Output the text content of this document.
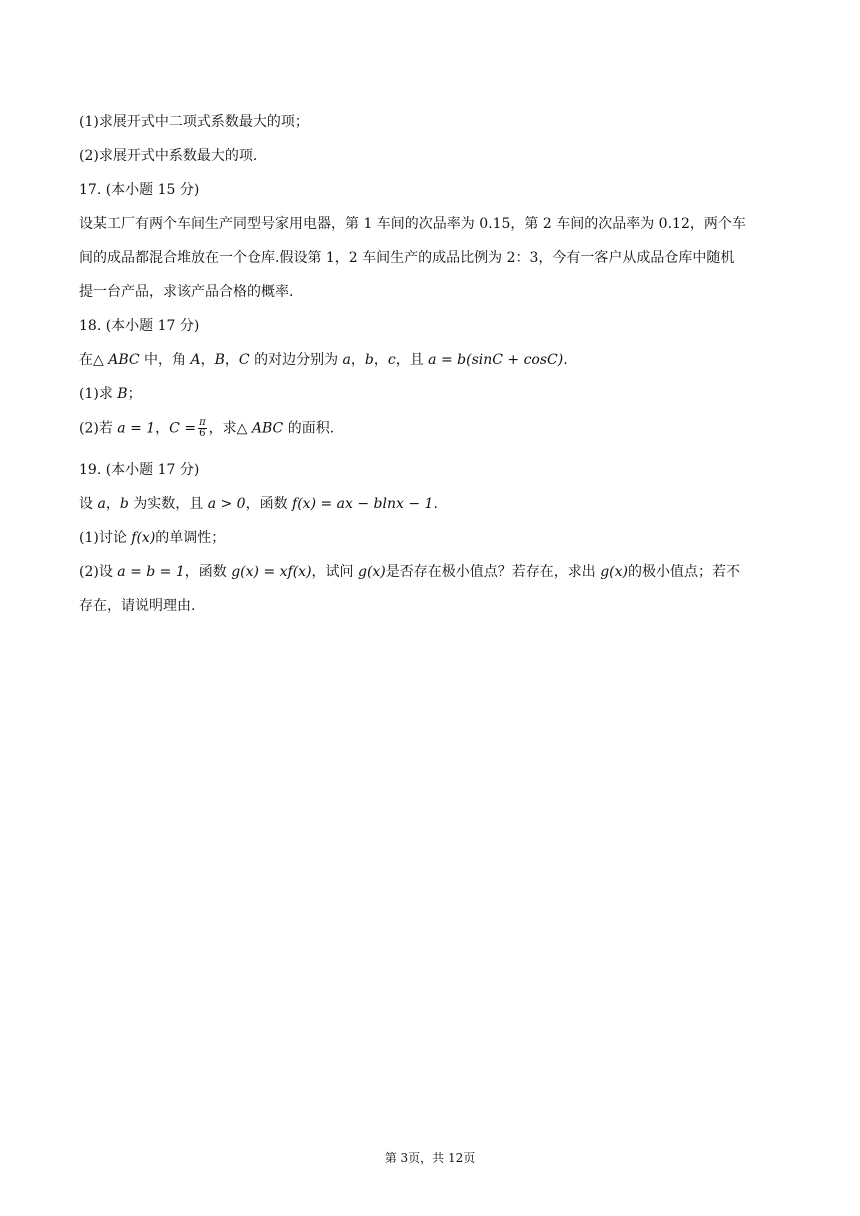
(1)求展开式中二项式系数最大的项；
(2)求展开式中系数最大的项.
17. (本小题 15 分)
设某工厂有两个车间生产同型号家用电器，第 1 车间的次品率为 0.15，第 2 车间的次品率为 0.12，两个车
间的成品都混合堆放在一个仓库.假设第 1，2 车间生产的成品比例为 2：3，今有一客户从成品仓库中随机
提一台产品，求该产品合格的概率.
18. (本小题 17 分)
在△ ABC 中，角 A，B，C 的对边分别为 a，b，c，且 a = b(sinC + cosC).
(1)求 B；
(2)若 a = 1，$C = \frac{\pi}{6}$ ，求△ ABC 的面积.
19. (本小题 17 分)
设 a，b 为实数，且 a > 0，函数 f(x) = ax − blnx − 1.
(1)讨论 f(x)的单调性；
(2)设 a = b = 1，函数 g(x) = xf(x)，试问 g(x)是否存在极小值点？若存在，求出 g(x)的极小值点；若不
存在，请说明理由.
第 3页，共 12页
